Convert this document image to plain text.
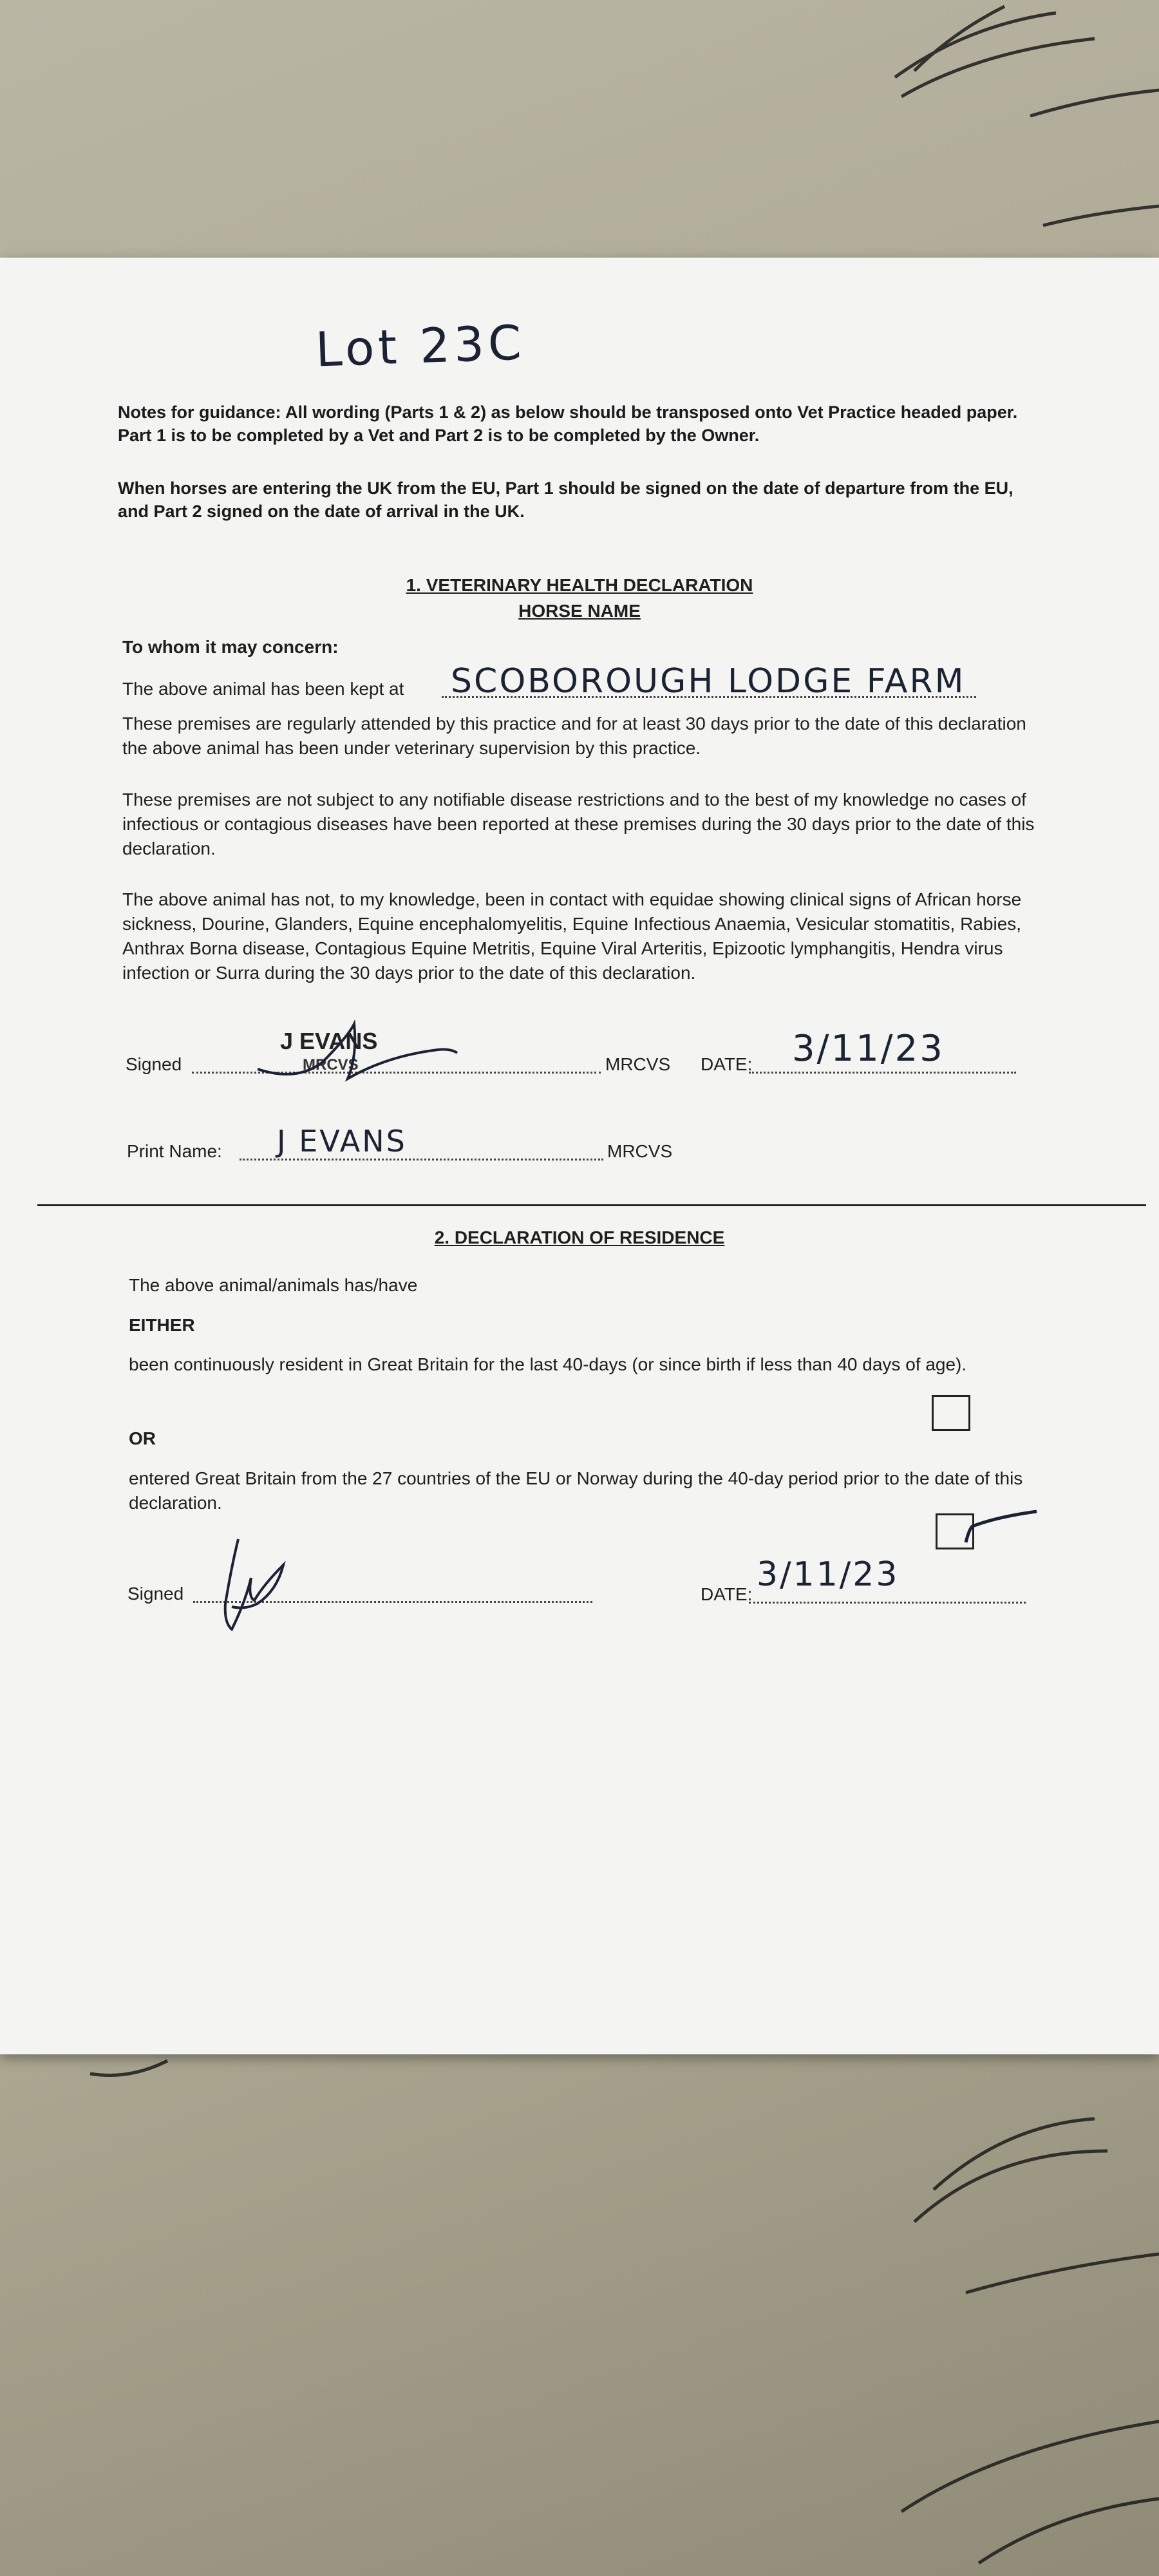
Lot 23C
Notes for guidance: All wording (Parts 1 & 2) as below should be transposed onto Vet Practice headed paper. Part 1 is to be completed by a Vet and Part 2 is to be completed by the Owner.
When horses are entering the UK from the EU, Part 1 should be signed on the date of departure from the EU, and Part 2 signed on the date of arrival in the UK.
1. VETERINARY HEALTH DECLARATION
HORSE NAME
To whom it may concern:
The above animal has been kept at SCOBOROUGH LODGE FARM
These premises are regularly attended by this practice and for at least 30 days prior to the date of this declaration the above animal has been under veterinary supervision by this practice.
These premises are not subject to any notifiable disease restrictions and to the best of my knowledge no cases of infectious or contagious diseases have been reported at these premises during the 30 days prior to the date of this declaration.
The above animal has not, to my knowledge, been in contact with equidae showing clinical signs of African horse sickness, Dourine, Glanders, Equine encephalomyelitis, Equine Infectious Anaemia, Vesicular stomatitis, Rabies, Anthrax Borna disease, Contagious Equine Metritis, Equine Viral Arteritis, Epizootic lymphangitis, Hendra virus infection or Surra during the 30 days prior to the date of this declaration.
Signed
J EVANS
MRCVS	MRCVS DATE: 3/11/23
Print Name: J EVANS	MRCVS
2. DECLARATION OF RESIDENCE
The above animal/animals has/have
EITHER
been continuously resident in Great Britain for the last 40-days (or since birth if less than 40 days of age).
OR
entered Great Britain from the 27 countries of the EU or Norway during the 40-day period prior to the date of this declaration.
Signed	DATE:
3/11/23
